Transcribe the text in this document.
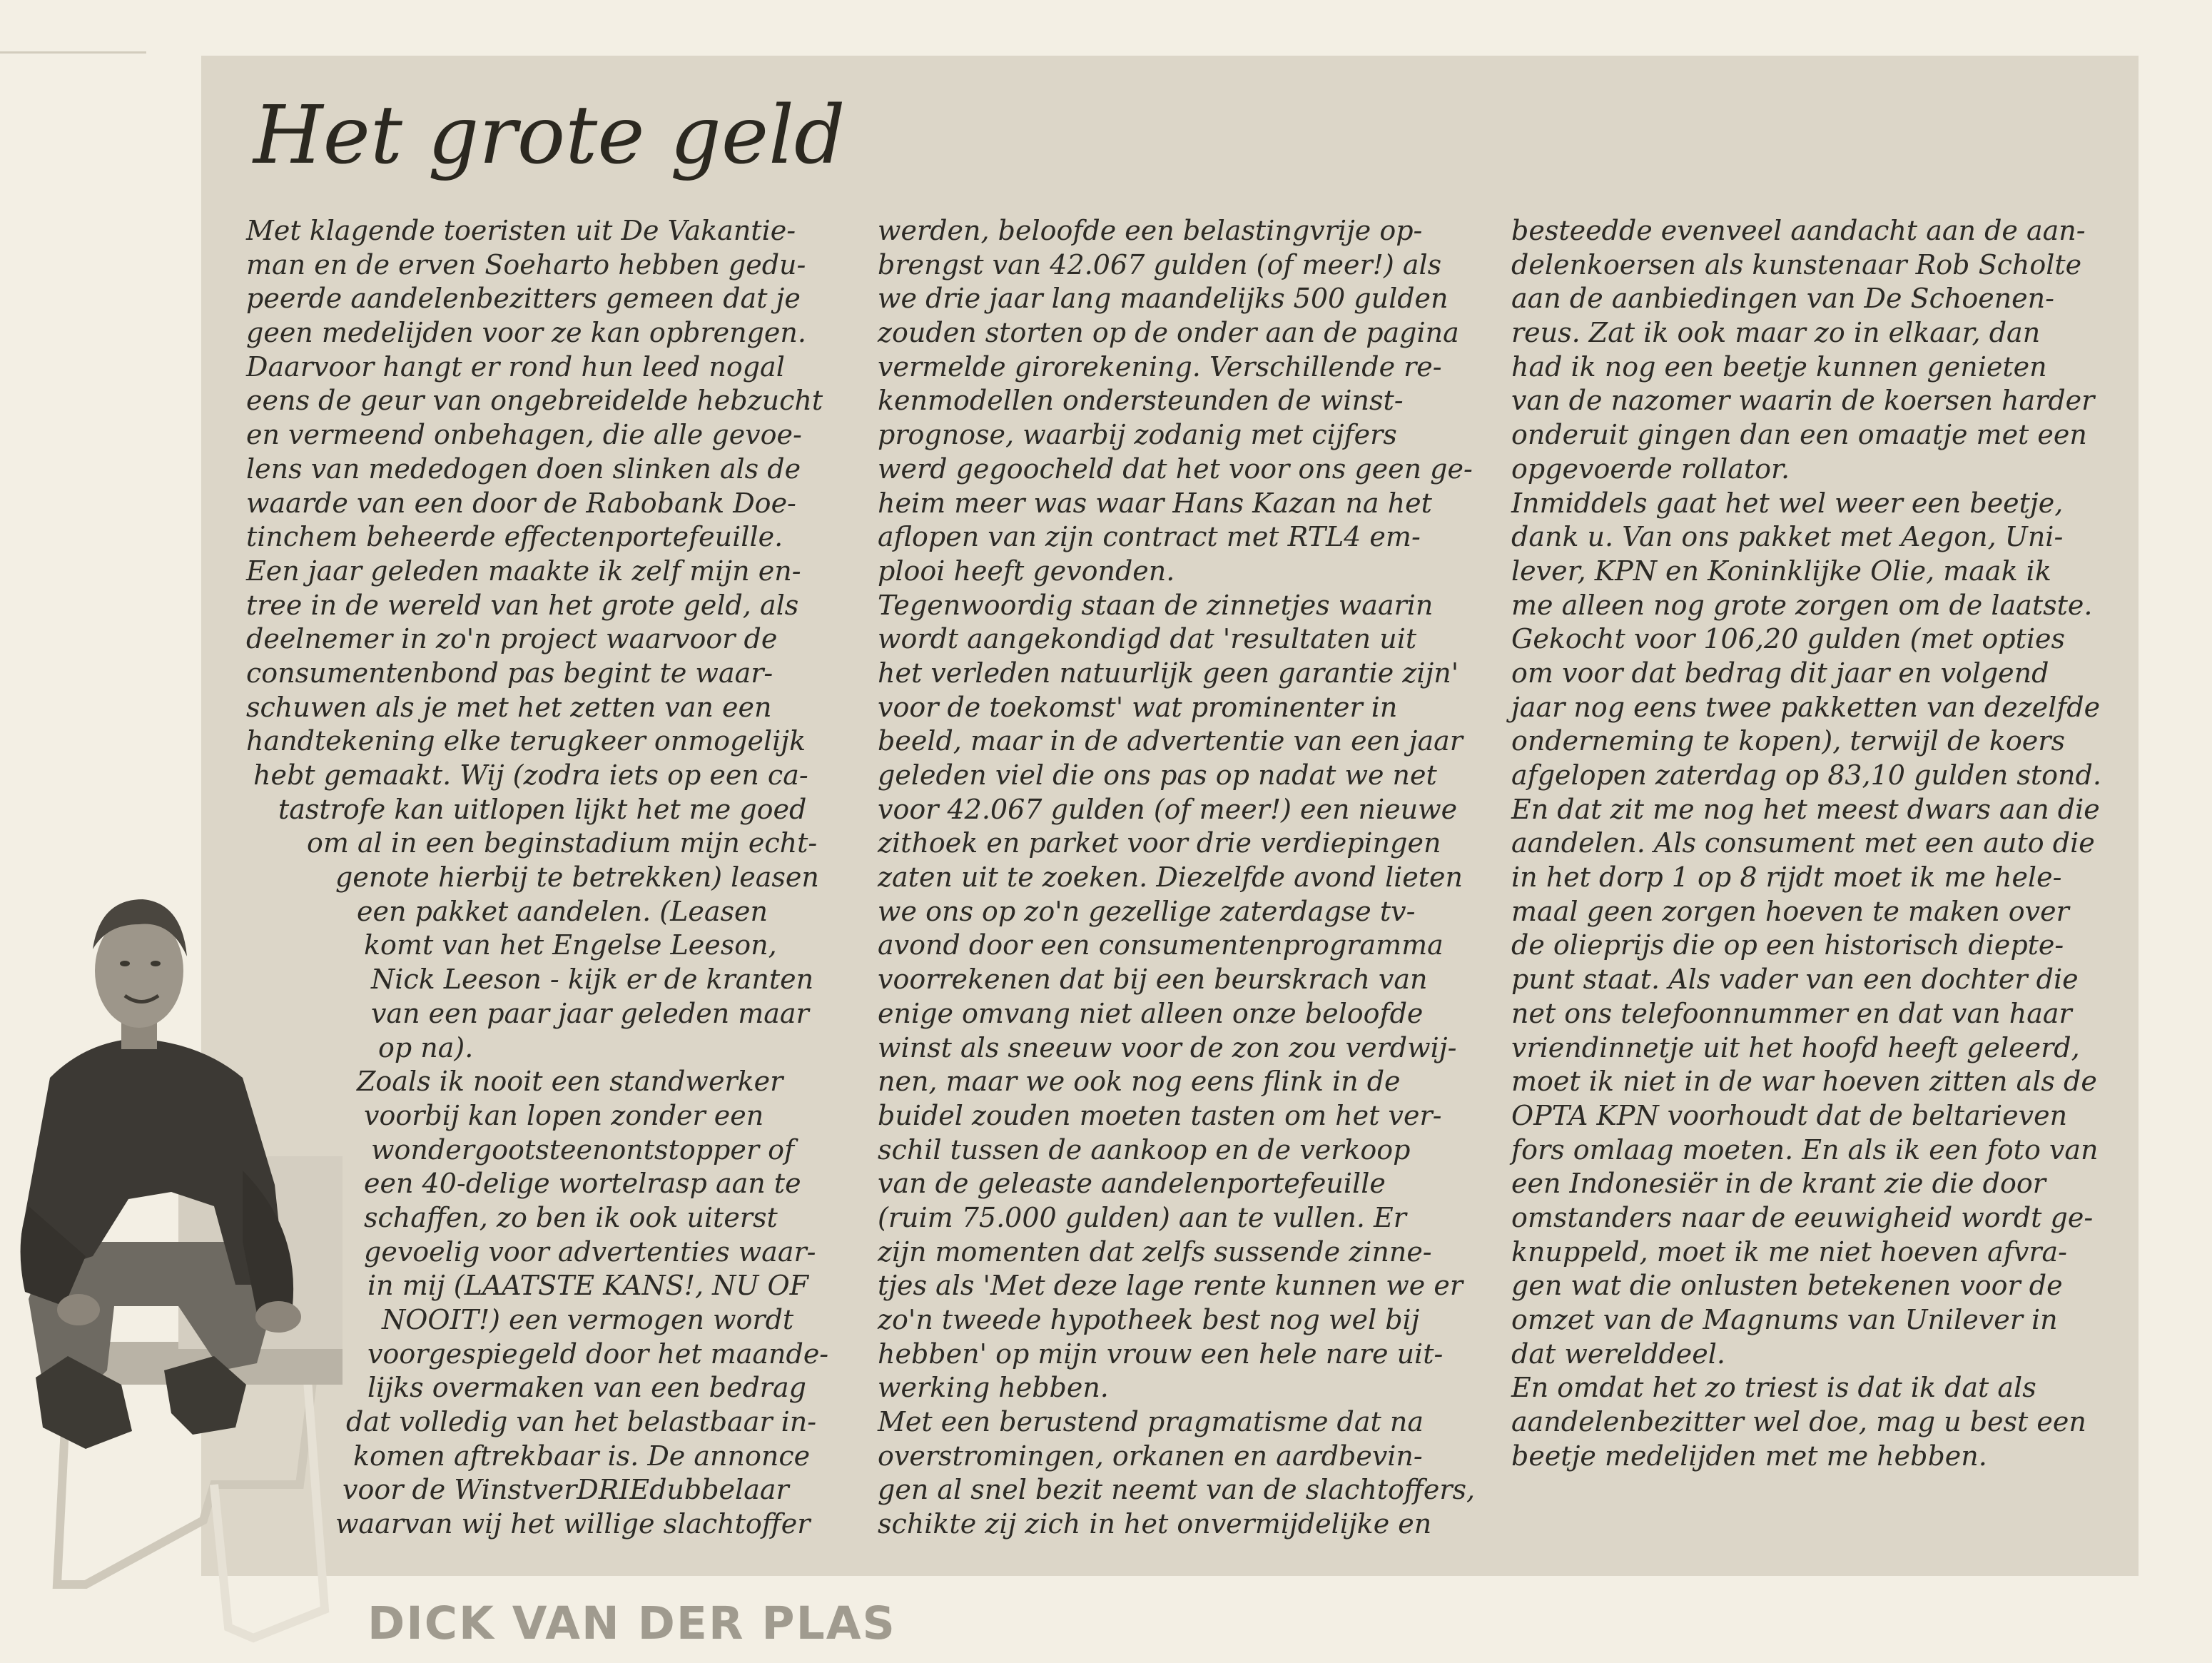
Het grote geld
Met klagende toeristen uit De Vakantie-
man en de erven Soeharto hebben gedu-
peerde aandelenbezitters gemeen dat je
geen medelijden voor ze kan opbrengen.
Daarvoor hangt er rond hun leed nogal
eens de geur van ongebreidelde hebzucht
en vermeend onbehagen, die alle gevoe-
lens van mededogen doen slinken als de
waarde van een door de Rabobank Doe-
tinchem beheerde effectenportefeuille.
Een jaar geleden maakte ik zelf mijn en-
tree in de wereld van het grote geld, als
deelnemer in zo'n project waarvoor de
consumentenbond pas begint te waar-
schuwen als je met het zetten van een
handtekening elke terugkeer onmogelijk
hebt gemaakt. Wij (zodra iets op een ca-
tastrofe kan uitlopen lijkt het me goed
om al in een beginstadium mijn echt-
genote hierbij te betrekken) leasen
een pakket aandelen. (Leasen
komt van het Engelse Leeson,
Nick Leeson - kijk er de kranten
van een paar jaar geleden maar
op na).
Zoals ik nooit een standwerker
voorbij kan lopen zonder een
wondergootsteenontstopper of
een 40-delige wortelrasp aan te
schaffen, zo ben ik ook uiterst
gevoelig voor advertenties waar-
in mij (LAATSTE KANS!, NU OF
NOOIT!) een vermogen wordt
voorgespiegeld door het maande-
lijks overmaken van een bedrag
dat volledig van het belastbaar in-
komen aftrekbaar is. De annonce
voor de WinstverDRIEdubbelaar
waarvan wij het willige slachtoffer
werden, beloofde een belastingvrije op-
brengst van 42.067 gulden (of meer!) als
we drie jaar lang maandelijks 500 gulden
zouden storten op de onder aan de pagina
vermelde girorekening. Verschillende re-
kenmodellen ondersteunden de winst-
prognose, waarbij zodanig met cijfers
werd gegoocheld dat het voor ons geen ge-
heim meer was waar Hans Kazan na het
aflopen van zijn contract met RTL4 em-
plooi heeft gevonden.
Tegenwoordig staan de zinnetjes waarin
wordt aangekondigd dat 'resultaten uit
het verleden natuurlijk geen garantie zijn'
voor de toekomst' wat prominenter in
beeld, maar in de advertentie van een jaar
geleden viel die ons pas op nadat we net
voor 42.067 gulden (of meer!) een nieuwe
zithoek en parket voor drie verdiepingen
zaten uit te zoeken. Diezelfde avond lieten
we ons op zo'n gezellige zaterdagse tv-
avond door een consumentenprogramma
voorrekenen dat bij een beurskrach van
enige omvang niet alleen onze beloofde
winst als sneeuw voor de zon zou verdwij-
nen, maar we ook nog eens flink in de
buidel zouden moeten tasten om het ver-
schil tussen de aankoop en de verkoop
van de geleaste aandelenportefeuille
(ruim 75.000 gulden) aan te vullen. Er
zijn momenten dat zelfs sussende zinne-
tjes als 'Met deze lage rente kunnen we er
zo'n tweede hypotheek best nog wel bij
hebben' op mijn vrouw een hele nare uit-
werking hebben.
Met een berustend pragmatisme dat na
overstromingen, orkanen en aardbevin-
gen al snel bezit neemt van de slachtoffers,
schikte zij zich in het onvermijdelijke en
besteedde evenveel aandacht aan de aan-
delenkoersen als kunstenaar Rob Scholte
aan de aanbiedingen van De Schoenen-
reus. Zat ik ook maar zo in elkaar, dan
had ik nog een beetje kunnen genieten
van de nazomer waarin de koersen harder
onderuit gingen dan een omaatje met een
opgevoerde rollator.
Inmiddels gaat het wel weer een beetje,
dank u. Van ons pakket met Aegon, Uni-
lever, KPN en Koninklijke Olie, maak ik
me alleen nog grote zorgen om de laatste.
Gekocht voor 106,20 gulden (met opties
om voor dat bedrag dit jaar en volgend
jaar nog eens twee pakketten van dezelfde
onderneming te kopen), terwijl de koers
afgelopen zaterdag op 83,10 gulden stond.
En dat zit me nog het meest dwars aan die
aandelen. Als consument met een auto die
in het dorp 1 op 8 rijdt moet ik me hele-
maal geen zorgen hoeven te maken over
de olieprijs die op een historisch diepte-
punt staat. Als vader van een dochter die
net ons telefoonnummer en dat van haar
vriendinnetje uit het hoofd heeft geleerd,
moet ik niet in de war hoeven zitten als de
OPTA KPN voorhoudt dat de beltarieven
fors omlaag moeten. En als ik een foto van
een Indonesiër in de krant zie die door
omstanders naar de eeuwigheid wordt ge-
knuppeld, moet ik me niet hoeven afvra-
gen wat die onlusten betekenen voor de
omzet van de Magnums van Unilever in
dat werelddeel.
En omdat het zo triest is dat ik dat als
aandelenbezitter wel doe, mag u best een
beetje medelijden met me hebben.

DICK VAN DER PLAS
